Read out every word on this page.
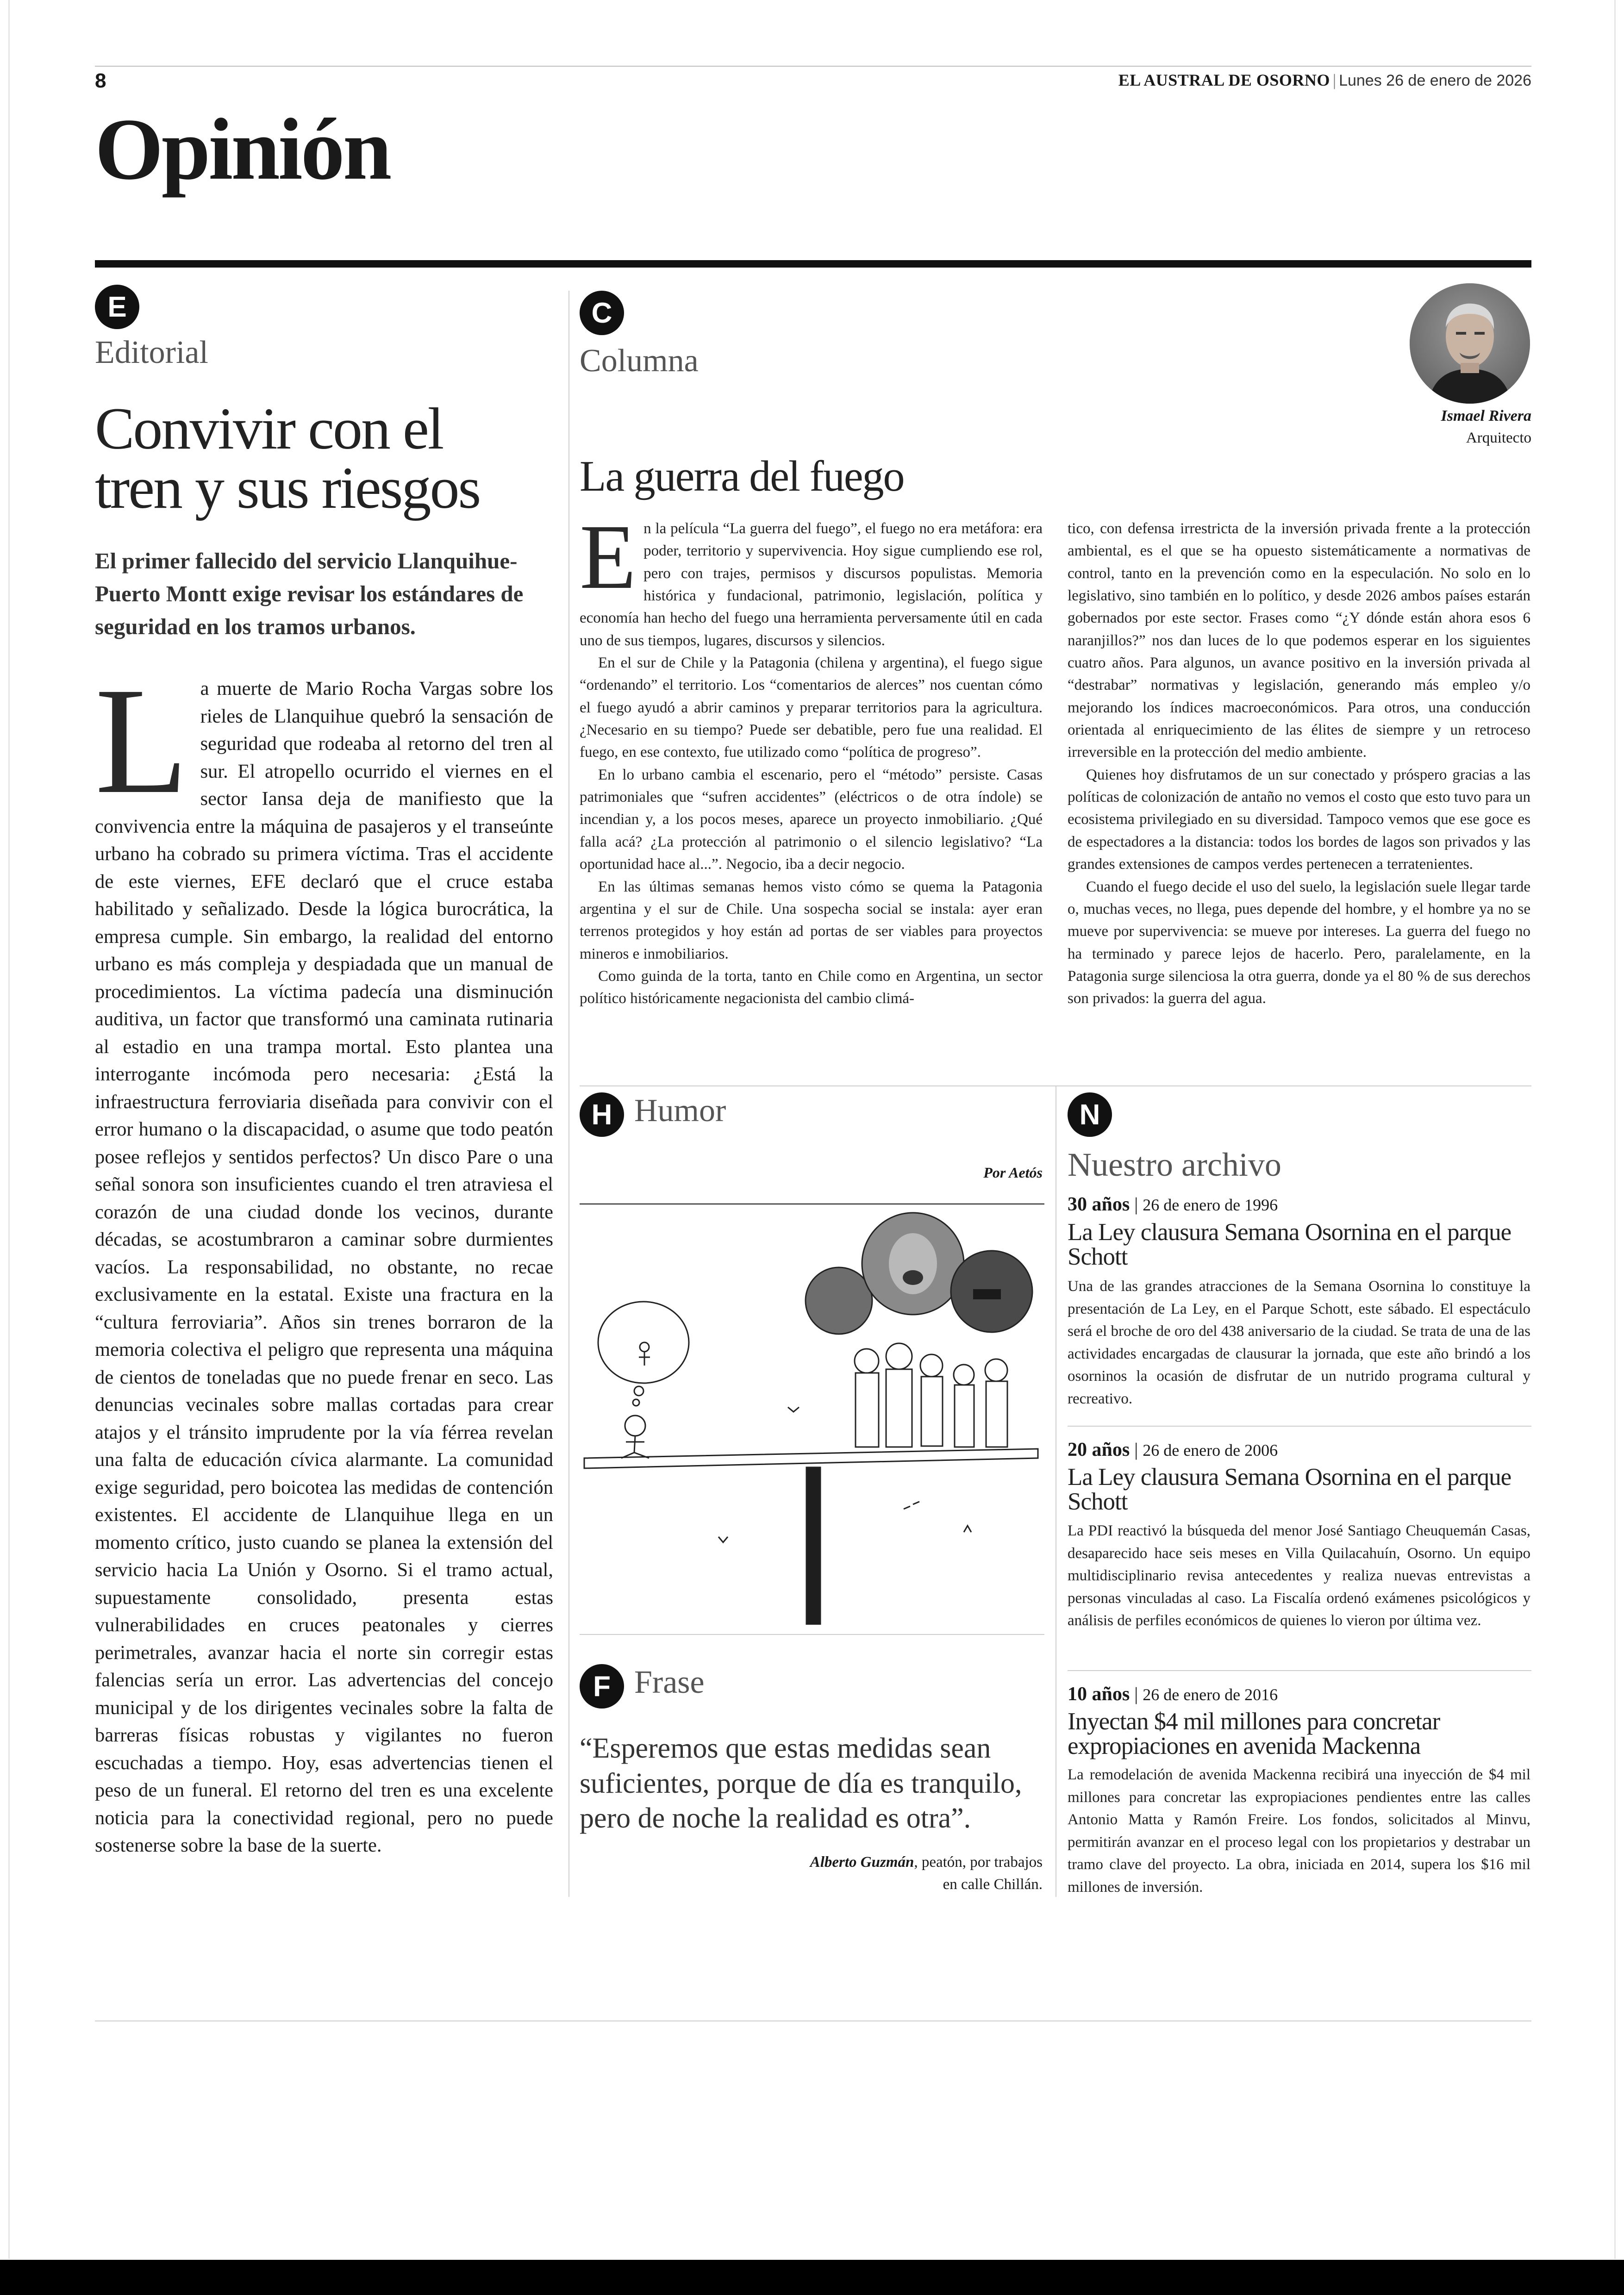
8	EL AUSTRAL DE OSORNO | Lunes 26 de enero de 2026
Opinión
E
Editorial
Convivir con el
tren y sus riesgos
El primer fallecido del servicio Llanquihue-Puerto Montt exige revisar los estándares de seguridad en los tramos urbanos.
La muerte de Mario Rocha Vargas sobre los rieles de Llanquihue quebró la sensación de seguridad que rodeaba al retorno del tren al sur. El atropello ocurrido el viernes en el sector Iansa deja de manifiesto que la convivencia entre la máquina de pasajeros y el transeúnte urbano ha cobrado su primera víctima. Tras el accidente de este viernes, EFE declaró que el cruce estaba habilitado y señalizado. Desde la lógica burocrática, la empresa cumple. Sin embargo, la realidad del entorno urbano es más compleja y despiadada que un manual de procedimientos. La víctima padecía una disminución auditiva, un factor que transformó una caminata rutinaria al estadio en una trampa mortal. Esto plantea una interrogante incómoda pero necesaria: ¿Está la infraestructura ferroviaria diseñada para convivir con el error humano o la discapacidad, o asume que todo peatón posee reflejos y sentidos perfectos? Un disco Pare o una señal sonora son insuficientes cuando el tren atraviesa el corazón de una ciudad donde los vecinos, durante décadas, se acostumbraron a caminar sobre durmientes vacíos. La responsabilidad, no obstante, no recae exclusivamente en la estatal. Existe una fractura en la “cultura ferroviaria”. Años sin trenes borraron de la memoria colectiva el peligro que representa una máquina de cientos de toneladas que no puede frenar en seco. Las denuncias vecinales sobre mallas cortadas para crear atajos y el tránsito imprudente por la vía férrea revelan una falta de educación cívica alarmante. La comunidad exige seguridad, pero boicotea las medidas de contención existentes. El accidente de Llanquihue llega en un momento crítico, justo cuando se planea la extensión del servicio hacia La Unión y Osorno. Si el tramo actual, supuestamente consolidado, presenta estas vulnerabilidades en cruces peatonales y cierres perimetrales, avanzar hacia el norte sin corregir estas falencias sería un error. Las advertencias del concejo municipal y de los dirigentes vecinales sobre la falta de barreras físicas robustas y vigilantes no fueron escuchadas a tiempo. Hoy, esas advertencias tienen el peso de un funeral. El retorno del tren es una excelente noticia para la conectividad regional, pero no puede sostenerse sobre la base de la suerte.
C
Columna
La guerra del fuego
Ismael Rivera
Arquitecto

En la película “La guerra del fuego”, el fuego no era metáfora: era poder, territorio y supervivencia. Hoy sigue cumpliendo ese rol, pero con trajes, permisos y discursos populistas. Memoria histórica y fundacional, patrimonio, legislación, política y economía han hecho del fuego una herramienta perversamente útil en cada uno de sus tiempos, lugares, discursos y silencios.

En el sur de Chile y la Patagonia (chilena y argentina), el fuego sigue “ordenando” el territorio. Los “comentarios de alerces” nos cuentan cómo el fuego ayudó a abrir caminos y preparar territorios para la agricultura. ¿Necesario en su tiempo? Puede ser debatible, pero fue una realidad. El fuego, en ese contexto, fue utilizado como “política de progreso”.

En lo urbano cambia el escenario, pero el “método” persiste. Casas patrimoniales que “sufren accidentes” (eléctricos o de otra índole) se incendian y, a los pocos meses, aparece un proyecto inmobiliario. ¿Qué falla acá? ¿La protección al patrimonio o el silencio legislativo? “La oportunidad hace al...”. Negocio, iba a decir negocio.

En las últimas semanas hemos visto cómo se quema la Patagonia argentina y el sur de Chile. Una sospecha social se instala: ayer eran terrenos protegidos y hoy están ad portas de ser viables para proyectos mineros e inmobiliarios.

Como guinda de la torta, tanto en Chile como en Argentina, un sector político históricamente negacionista del cambio climá-

tico, con defensa irrestricta de la inversión privada frente a la protección ambiental, es el que se ha opuesto sistemáticamente a normativas de control, tanto en la prevención como en la especulación. No solo en lo legislativo, sino también en lo político, y desde 2026 ambos países estarán gobernados por este sector. Frases como “¿Y dónde están ahora esos 6 naranjillos?” nos dan luces de lo que podemos esperar en los siguientes cuatro años. Para algunos, un avance positivo en la inversión privada al “destrabar” normativas y legislación, generando más empleo y/o mejorando los índices macroeconómicos. Para otros, una conducción orientada al enriquecimiento de las élites de siempre y un retroceso irreversible en la protección del medio ambiente.

Quienes hoy disfrutamos de un sur conectado y próspero gracias a las políticas de colonización de antaño no vemos el costo que esto tuvo para un ecosistema privilegiado en su diversidad. Tampoco vemos que ese goce es de espectadores a la distancia: todos los bordes de lagos son privados y las grandes extensiones de campos verdes pertenecen a terratenientes.

Cuando el fuego decide el uso del suelo, la legislación suele llegar tarde o, muchas veces, no llega, pues depende del hombre, y el hombre ya no se mueve por supervivencia: se mueve por intereses. La guerra del fuego no ha terminado y parece lejos de hacerlo. Pero, paralelamente, en la Patagonia surge silenciosa la otra guerra, donde ya el 80 % de sus derechos son privados: la guerra del agua.

H Humor
Por Aetós
F Frase
“Esperemos que estas medidas sean suficientes, porque de día es tranquilo, pero de noche la realidad es otra”.
Alberto Guzmán, peatón, por trabajos
en calle Chillán.
N
Nuestro archivo
30 años | 26 de enero de 1996
La Ley clausura Semana Osornina en el parque Schott
Una de las grandes atracciones de la Semana Osornina lo constituye la presentación de La Ley, en el Parque Schott, este sábado. El espectáculo será el broche de oro del 438 aniversario de la ciudad. Se trata de una de las actividades encargadas de clausurar la jornada, que este año brindó a los osorninos la ocasión de disfrutar de un nutrido programa cultural y recreativo.
20 años | 26 de enero de 2006
La Ley clausura Semana Osornina en el parque Schott
La PDI reactivó la búsqueda del menor José Santiago Cheuquemán Casas, desaparecido hace seis meses en Villa Quilacahuín, Osorno. Un equipo multidisciplinario revisa antecedentes y realiza nuevas entrevistas a personas vinculadas al caso. La Fiscalía ordenó exámenes psicológicos y análisis de perfiles económicos de quienes lo vieron por última vez.
10 años | 26 de enero de 2016
Inyectan $4 mil millones para concretar expropiaciones en avenida Mackenna
La remodelación de avenida Mackenna recibirá una inyección de $4 mil millones para concretar las expropiaciones pendientes entre las calles Antonio Matta y Ramón Freire. Los fondos, solicitados al Minvu, permitirán avanzar en el proceso legal con los propietarios y destrabar un tramo clave del proyecto. La obra, iniciada en 2014, supera los $16 mil millones de inversión.
